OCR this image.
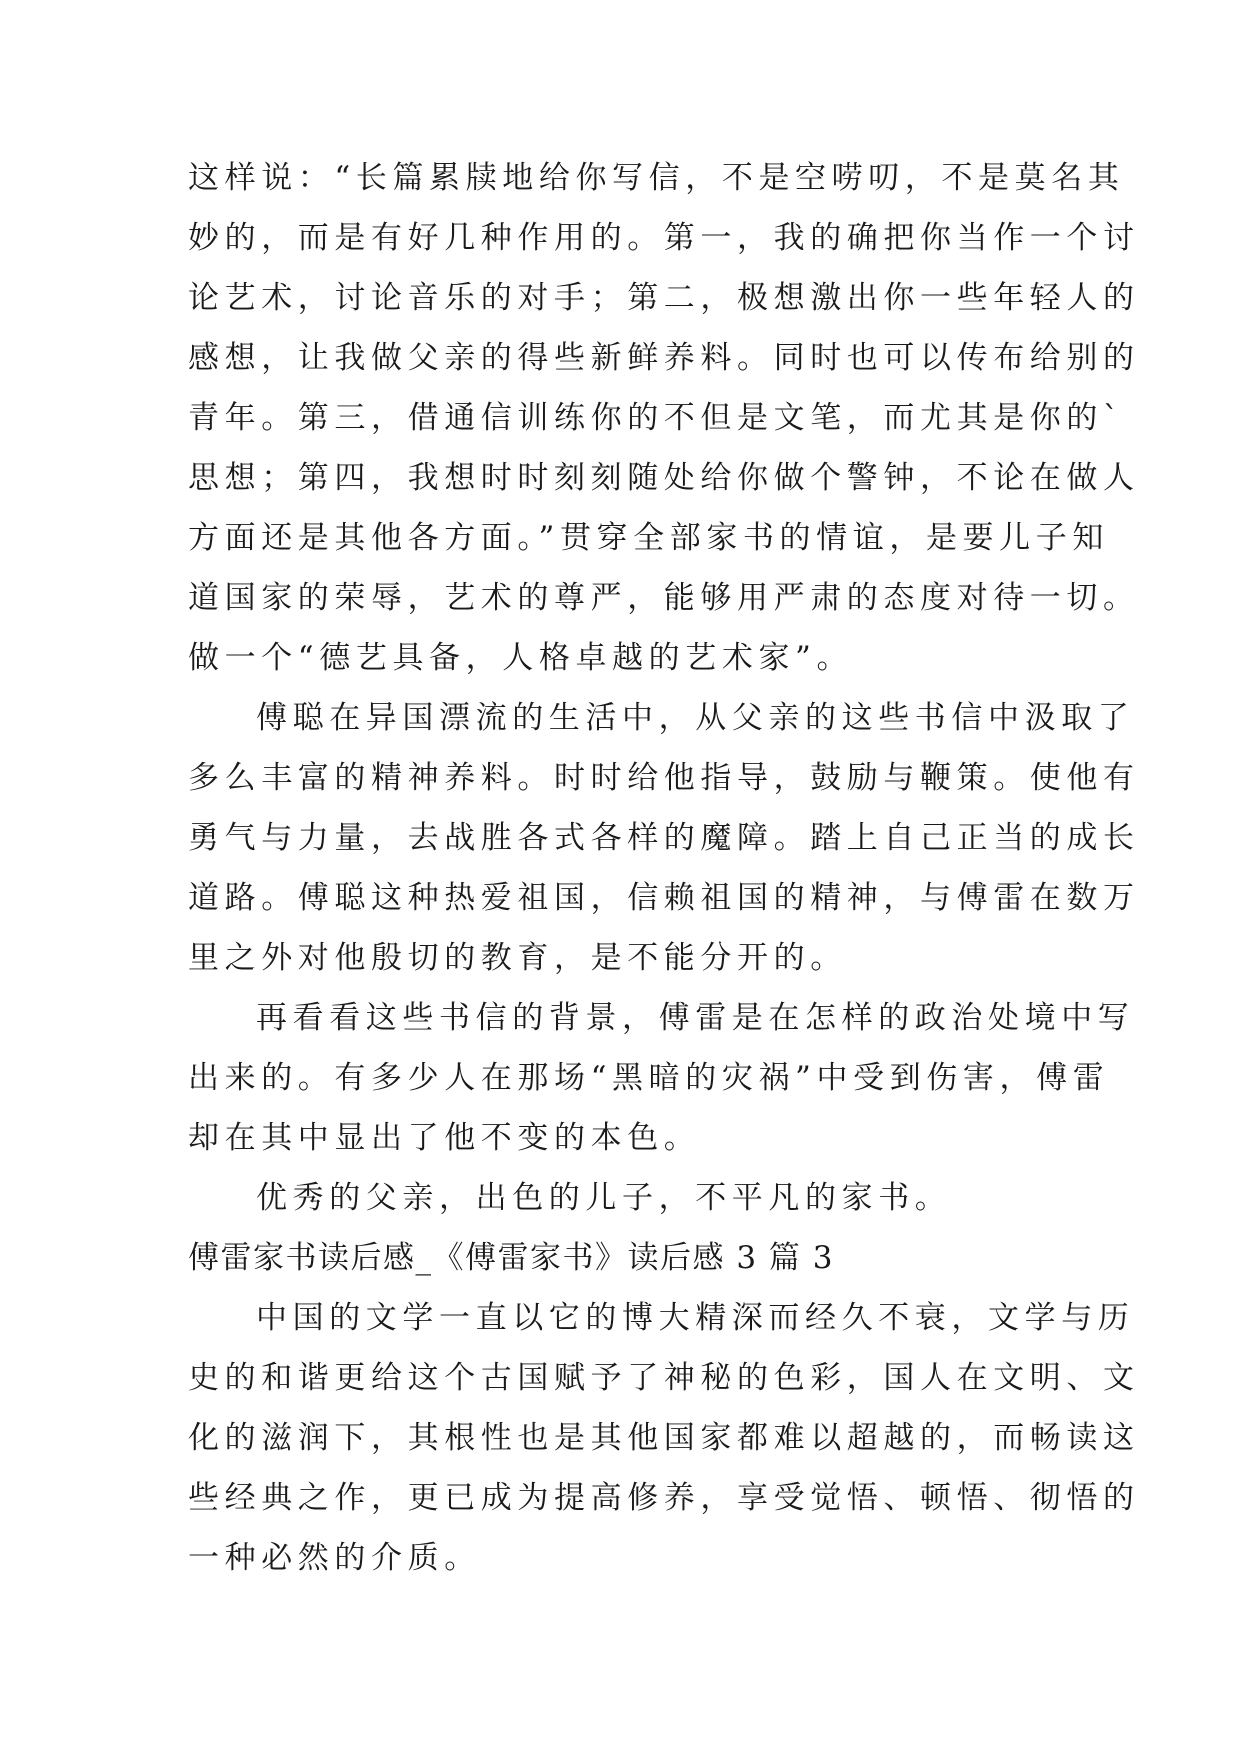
这样说：“长篇累牍地给你写信，不是空唠叨，不是莫名其
妙的，而是有好几种作用的。第一，我的确把你当作一个讨
论艺术，讨论音乐的对手；第二，极想激出你一些年轻人的
感想，让我做父亲的得些新鲜养料。同时也可以传布给别的
青年。第三，借通信训练你的不但是文笔，而尤其是你的`
思想；第四，我想时时刻刻随处给你做个警钟，不论在做人
方面还是其他各方面。”贯穿全部家书的情谊，是要儿子知
道国家的荣辱，艺术的尊严，能够用严肃的态度对待一切。
做一个“德艺具备，人格卓越的艺术家”。
傅聪在异国漂流的生活中，从父亲的这些书信中汲取了
多么丰富的精神养料。时时给他指导，鼓励与鞭策。使他有
勇气与力量，去战胜各式各样的魔障。踏上自己正当的成长
道路。傅聪这种热爱祖国，信赖祖国的精神，与傅雷在数万
里之外对他殷切的教育，是不能分开的。
再看看这些书信的背景，傅雷是在怎样的政治处境中写
出来的。有多少人在那场“黑暗的灾祸”中受到伤害，傅雷
却在其中显出了他不变的本色。
优秀的父亲，出色的儿子，不平凡的家书。
傅雷家书读后感_《傅雷家书》读后感 3 篇 3
中国的文学一直以它的博大精深而经久不衰，文学与历
史的和谐更给这个古国赋予了神秘的色彩，国人在文明、文
化的滋润下，其根性也是其他国家都难以超越的，而畅读这
些经典之作，更已成为提高修养，享受觉悟、顿悟、彻悟的
一种必然的介质。
